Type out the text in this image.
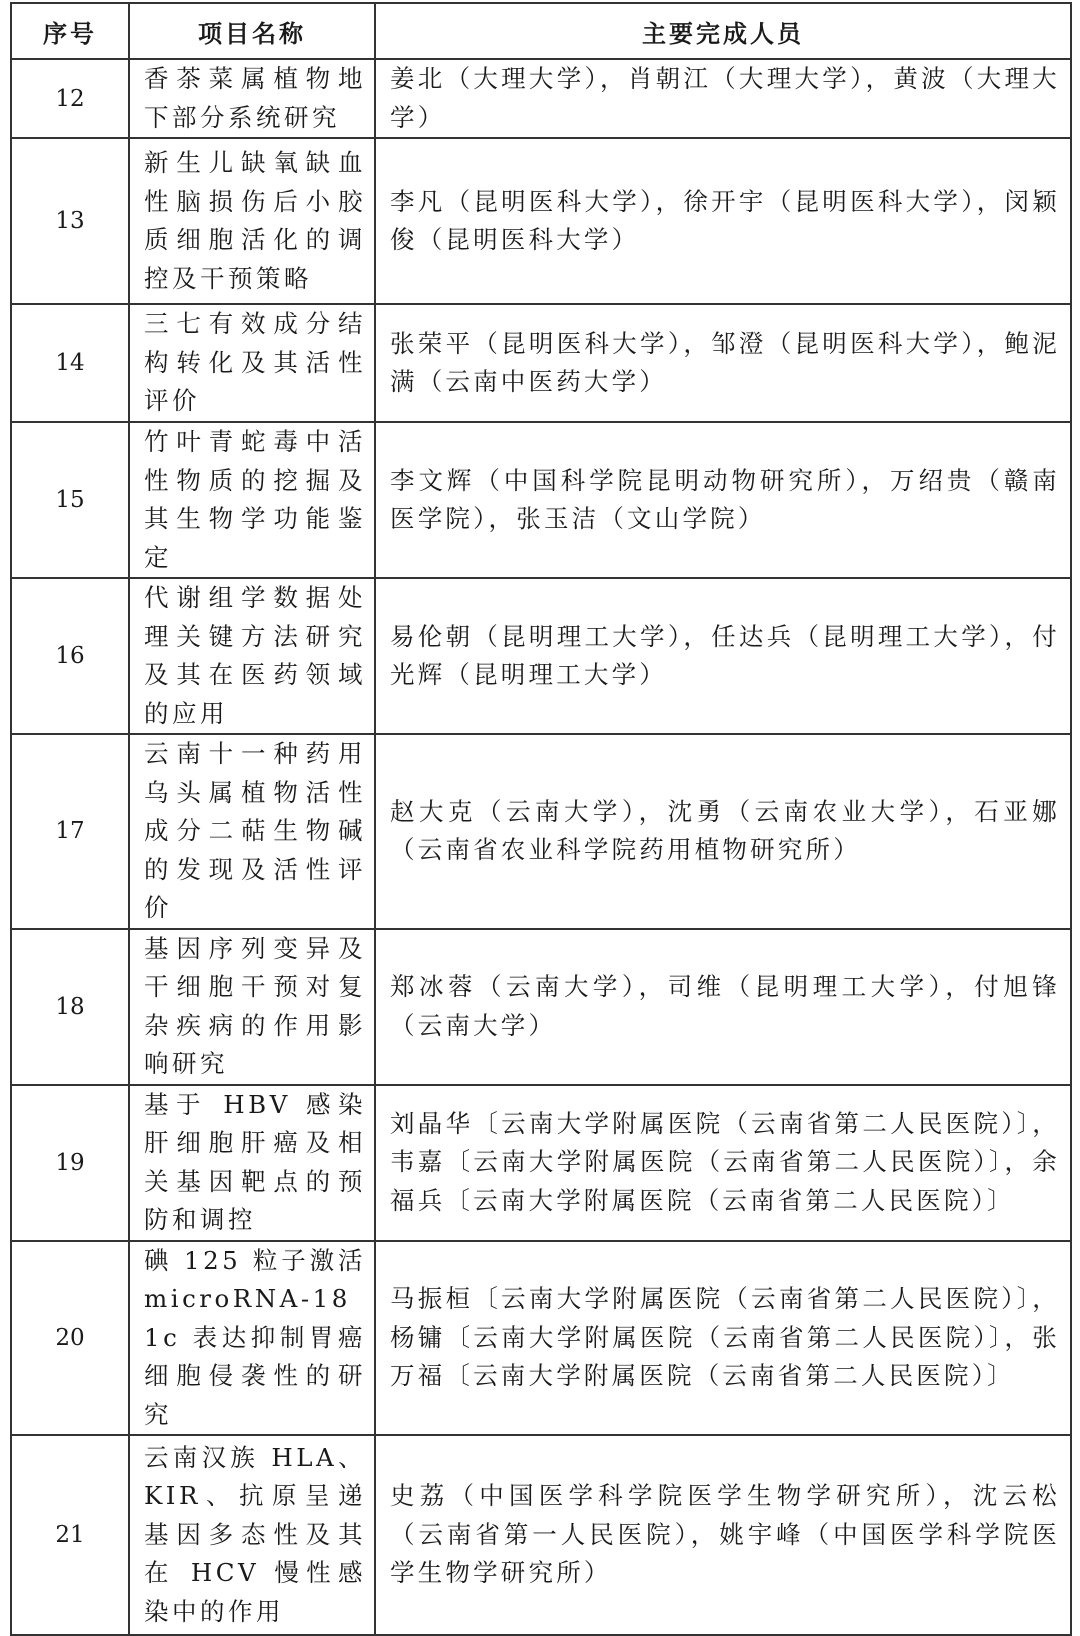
序号	项目名称	主要完成人员
12	香茶菜属植物地下部分系统研究	姜北（大理大学），肖朝江（大理大学），黄波（大理大学）

13	新生儿缺氧缺血性脑损伤后小胶质细胞活化的调控及干预策略	李凡（昆明医科大学），徐开宇（昆明医科大学），闵颖俊（昆明医科大学）

14	三七有效成分结构转化及其活性评价	张荣平（昆明医科大学），邹澄（昆明医科大学），鲍泥满（云南中医药大学）

15	竹叶青蛇毒中活性物质的挖掘及其生物学功能鉴定	李文辉（中国科学院昆明动物研究所），万绍贵（赣南医学院），张玉洁（文山学院）

16	代谢组学数据处理关键方法研究及其在医药领域的应用	易伦朝（昆明理工大学），任达兵（昆明理工大学），付光辉（昆明理工大学）

17	云南十一种药用乌头属植物活性成分二萜生物碱的发现及活性评价	赵大克（云南大学），沈勇（云南农业大学），石亚娜（云南省农业科学院药用植物研究所）

18	基因序列变异及干细胞干预对复杂疾病的作用影响研究	郑冰蓉（云南大学），司维（昆明理工大学），付旭锋（云南大学）

19	基于 HBV 感染肝细胞肝癌及相关基因靶点的预防和调控	刘晶华〔云南大学附属医院（云南省第二人民医院）〕，韦嘉〔云南大学附属医院（云南省第二人民医院）〕，余福兵〔云南大学附属医院（云南省第二人民医院）〕

20	碘 125 粒子激活 microRNA-181c 表达抑制胃癌细胞侵袭性的研究	马振桓〔云南大学附属医院（云南省第二人民医院）〕，杨镛〔云南大学附属医院（云南省第二人民医院）〕，张万福〔云南大学附属医院（云南省第二人民医院）〕

21	云南汉族 HLA、KIR、抗原呈递基因多态性及其在 HCV 慢性感染中的作用	史荔（中国医学科学院医学生物学研究所），沈云松（云南省第一人民医院），姚宇峰（中国医学科学院医学生物学研究所）
